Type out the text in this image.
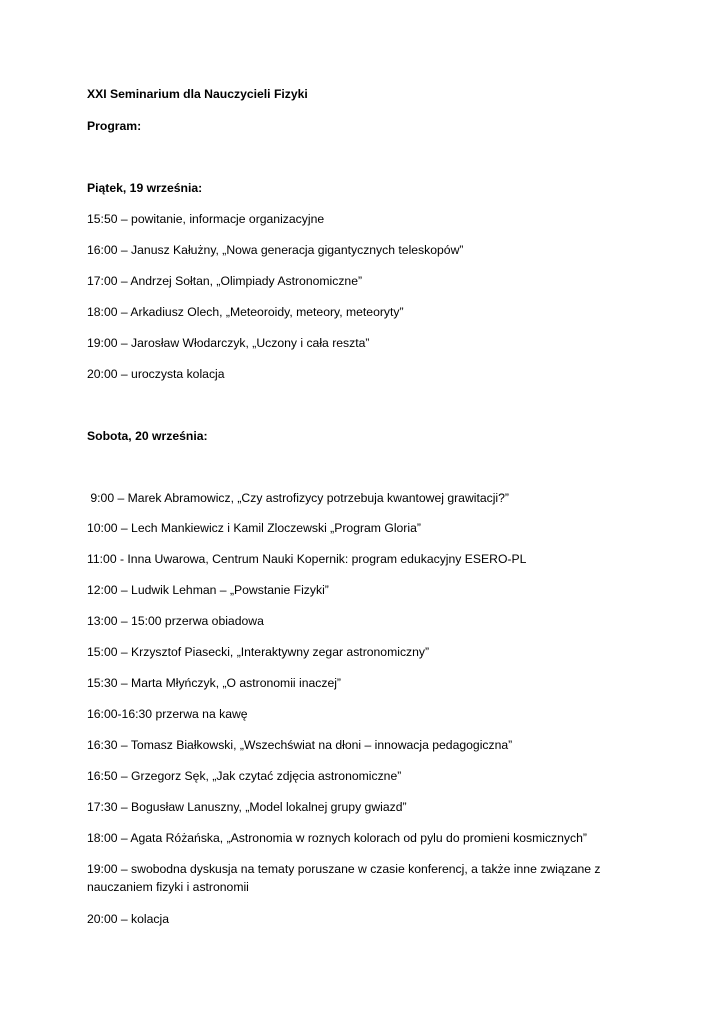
XXI Seminarium dla Nauczycieli Fizyki
Program:
Piątek, 19 września:
15:50 – powitanie, informacje organizacyjne
16:00 – Janusz Kałużny, „Nowa generacja gigantycznych teleskopów”
17:00 – Andrzej Sołtan, „Olimpiady Astronomiczne”
18:00 – Arkadiusz Olech, „Meteoroidy, meteory, meteoryty”
19:00 – Jarosław Włodarczyk, „Uczony i cała reszta”
20:00 – uroczysta kolacja
Sobota, 20 września:
9:00 – Marek Abramowicz, „Czy astrofizycy potrzebuja kwantowej grawitacji?”
10:00 – Lech Mankiewicz i Kamil Zloczewski „Program Gloria”
11:00 - Inna Uwarowa, Centrum Nauki Kopernik: program edukacyjny ESERO-PL
12:00 – Ludwik Lehman – „Powstanie Fizyki”
13:00 – 15:00 przerwa obiadowa
15:00 – Krzysztof Piasecki, „Interaktywny zegar astronomiczny”
15:30 – Marta Młyńczyk, „O astronomii inaczej”
16:00-16:30 przerwa na kawę
16:30 – Tomasz Białkowski, „Wszechświat na dłoni – innowacja pedagogiczna”
16:50 – Grzegorz Sęk, „Jak czytać zdjęcia astronomiczne”
17:30 – Bogusław Lanuszny, „Model lokalnej grupy gwiazd”
18:00 – Agata Różańska, „Astronomia w roznych kolorach od pylu do promieni kosmicznych”
19:00 – swobodna dyskusja na tematy poruszane w czasie konferencj, a także inne związane z nauczaniem fizyki i astronomii
20:00 – kolacja
